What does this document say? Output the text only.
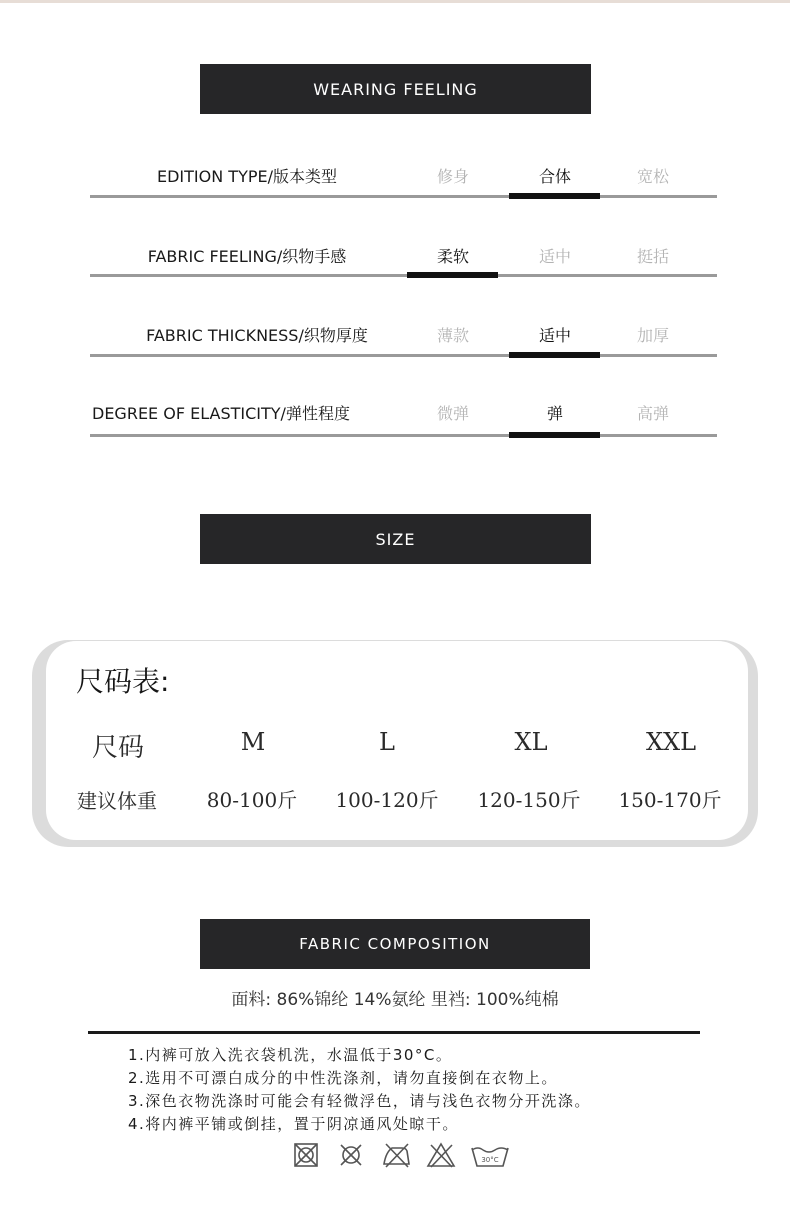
WEARING FEELING
EDITION TYPE/版本类型	修身	合体	宽松
FABRIC FEELING/织物手感	柔软	适中	挺括
FABRIC THICKNESS/织物厚度	薄款	适中	加厚
DEGREE OF ELASTICITY/弹性程度	微弹	弹	高弹
SIZE
尺码表:
尺码	M	L	XL	XXL
建议体重	80-100斤	100-120斤	120-150斤	150-170斤
FABRIC COMPOSITION
面料: 86%锦纶 14%氨纶 里裆: 100%纯棉
1.内裤可放入洗衣袋机洗，水温低于30°C。
2.选用不可漂白成分的中性洗涤剂，请勿直接倒在衣物上。
3.深色衣物洗涤时可能会有轻微浮色，请与浅色衣物分开洗涤。
4.将内裤平铺或倒挂，置于阴凉通风处晾干。
30°C
